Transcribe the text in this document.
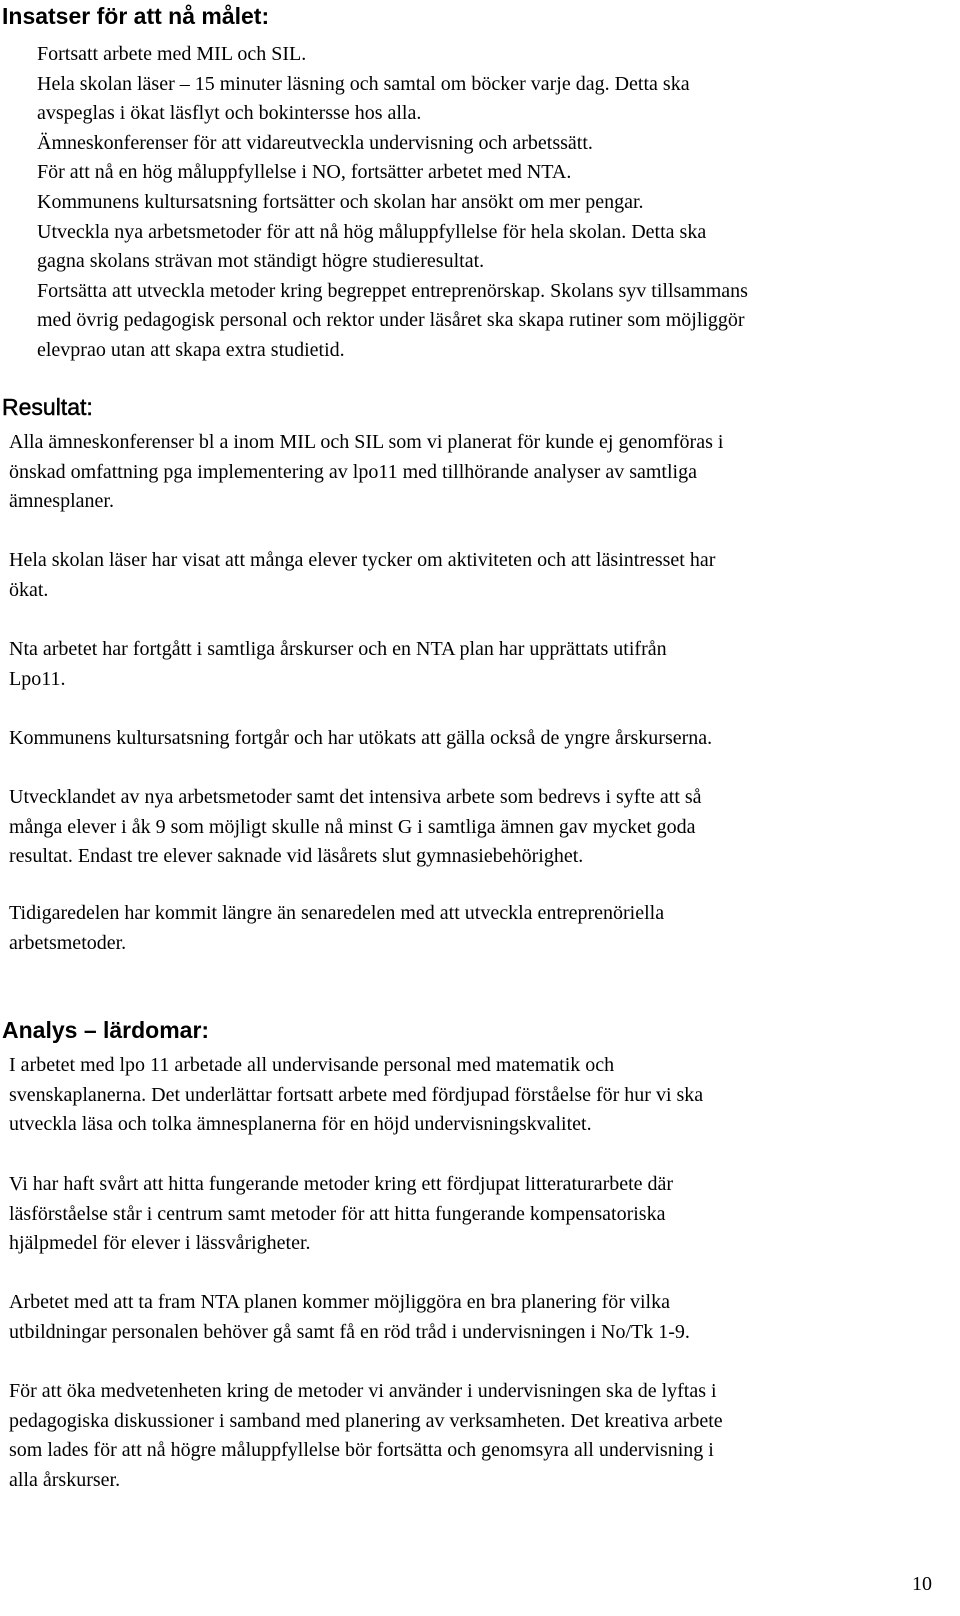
Insatser för att nå målet:

Fortsatt arbete med MIL och SIL.
Hela skolan läser – 15 minuter läsning och samtal om böcker varje dag. Detta ska
avspeglas i ökat läsflyt och bokintersse hos alla.
Ämneskonferenser för att vidareutveckla undervisning och arbetssätt.
För att nå en hög måluppfyllelse i NO, fortsätter arbetet med NTA.
Kommunens kultursatsning fortsätter och skolan har ansökt om mer pengar.
Utveckla nya arbetsmetoder för att nå hög måluppfyllelse för hela skolan. Detta ska
gagna skolans strävan mot ständigt högre studieresultat.
Fortsätta att utveckla metoder kring begreppet entreprenörskap. Skolans syv tillsammans
med övrig pedagogisk personal och rektor under läsåret ska skapa rutiner som möjliggör
elevprao utan att skapa extra studietid.

Resultat:

Alla ämneskonferenser bl a inom MIL och SIL som vi planerat för kunde ej genomföras i
önskad omfattning pga implementering av lpo11 med tillhörande analyser av samtliga
ämnesplaner.

Hela skolan läser har visat att många elever tycker om aktiviteten och att läsintresset har
ökat.

Nta arbetet har fortgått i samtliga årskurser och en NTA plan har upprättats utifrån
Lpo11.

Kommunens kultursatsning fortgår och har utökats att gälla också de yngre årskurserna.

Utvecklandet av nya arbetsmetoder samt det intensiva arbete som bedrevs i syfte att så
många elever i åk 9 som möjligt skulle nå minst G i samtliga ämnen gav mycket goda
resultat. Endast tre elever saknade vid läsårets slut gymnasiebehörighet.

Tidigaredelen har kommit längre än senaredelen med att utveckla entreprenöriella
arbetsmetoder.

Analys – lärdomar:

I arbetet med lpo 11 arbetade all undervisande personal med matematik och
svenskaplanerna. Det underlättar fortsatt arbete med fördjupad förståelse för hur vi ska
utveckla läsa och tolka ämnesplanerna för en höjd undervisningskvalitet.

Vi har haft svårt att hitta fungerande metoder kring ett fördjupat litteraturarbete där
läsförståelse står i centrum samt metoder för att hitta fungerande kompensatoriska
hjälpmedel för elever i lässvårigheter.

Arbetet med att ta fram NTA planen kommer möjliggöra en bra planering för vilka
utbildningar personalen behöver gå samt få en röd tråd i undervisningen i No/Tk 1-9.

För att öka medvetenheten kring de metoder vi använder i undervisningen ska de lyftas i
pedagogiska diskussioner i samband med planering av verksamheten. Det kreativa arbete
som lades för att nå högre måluppfyllelse bör fortsätta och genomsyra all undervisning i
alla årskurser.

10
